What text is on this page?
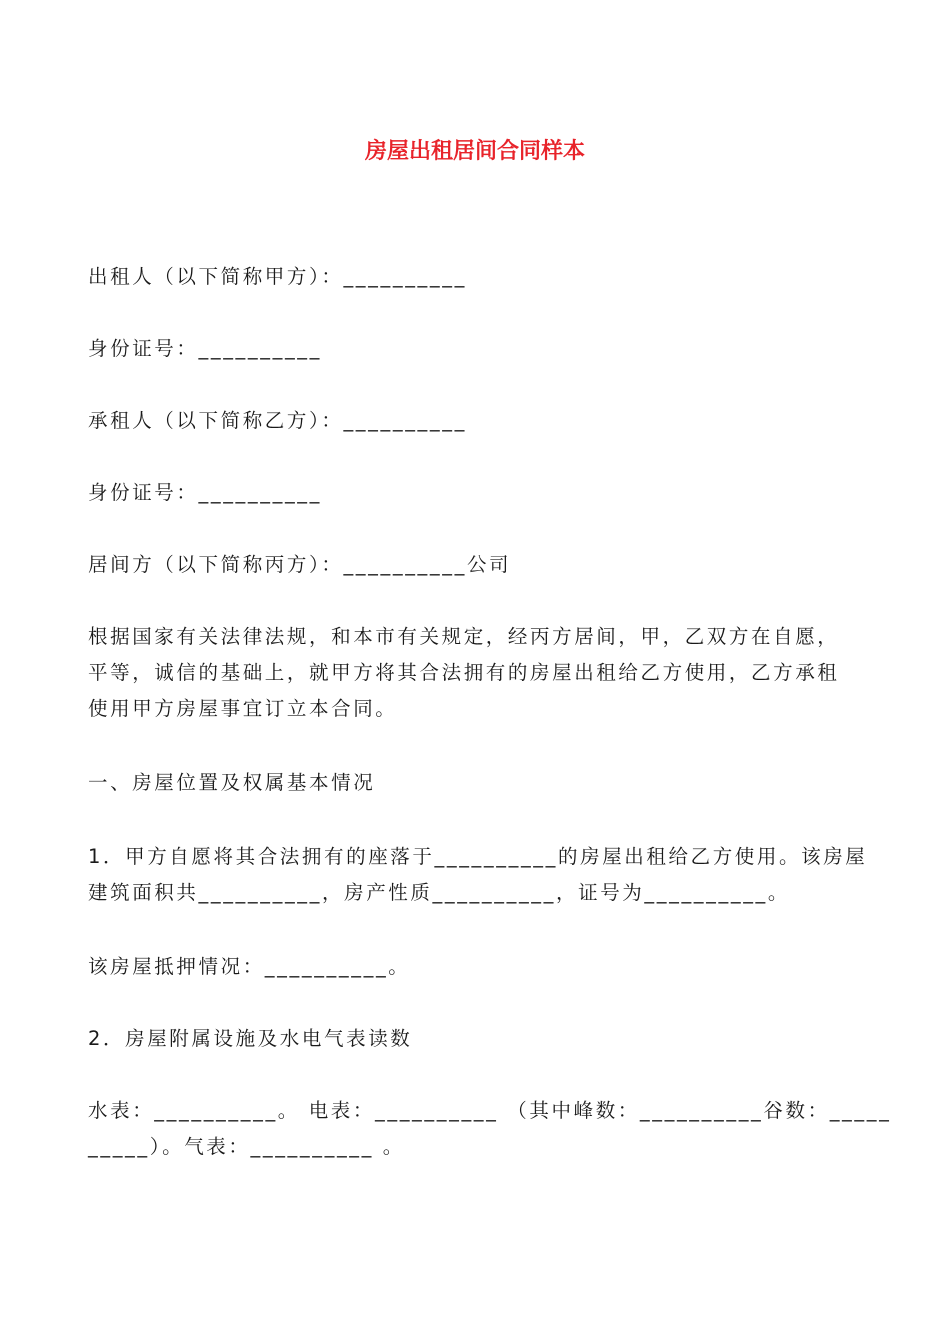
房屋出租居间合同样本
出租人（以下简称甲方）：__________
身份证号：__________
承租人（以下简称乙方）：__________
身份证号：__________
居间方（以下简称丙方）：__________公司
根据国家有关法律法规，和本市有关规定，经丙方居间，甲，乙双方在自愿，
平等，诚信的基础上，就甲方将其合法拥有的房屋出租给乙方使用，乙方承租
使用甲方房屋事宜订立本合同。
一、房屋位置及权属基本情况
1．甲方自愿将其合法拥有的座落于__________的房屋出租给乙方使用。该房屋
建筑面积共__________，房产性质__________，证号为__________。
该房屋抵押情况：__________。
2．房屋附属设施及水电气表读数
水表：__________。 电表：__________ （其中峰数：__________谷数：_____
_____）。气表：__________ 。
